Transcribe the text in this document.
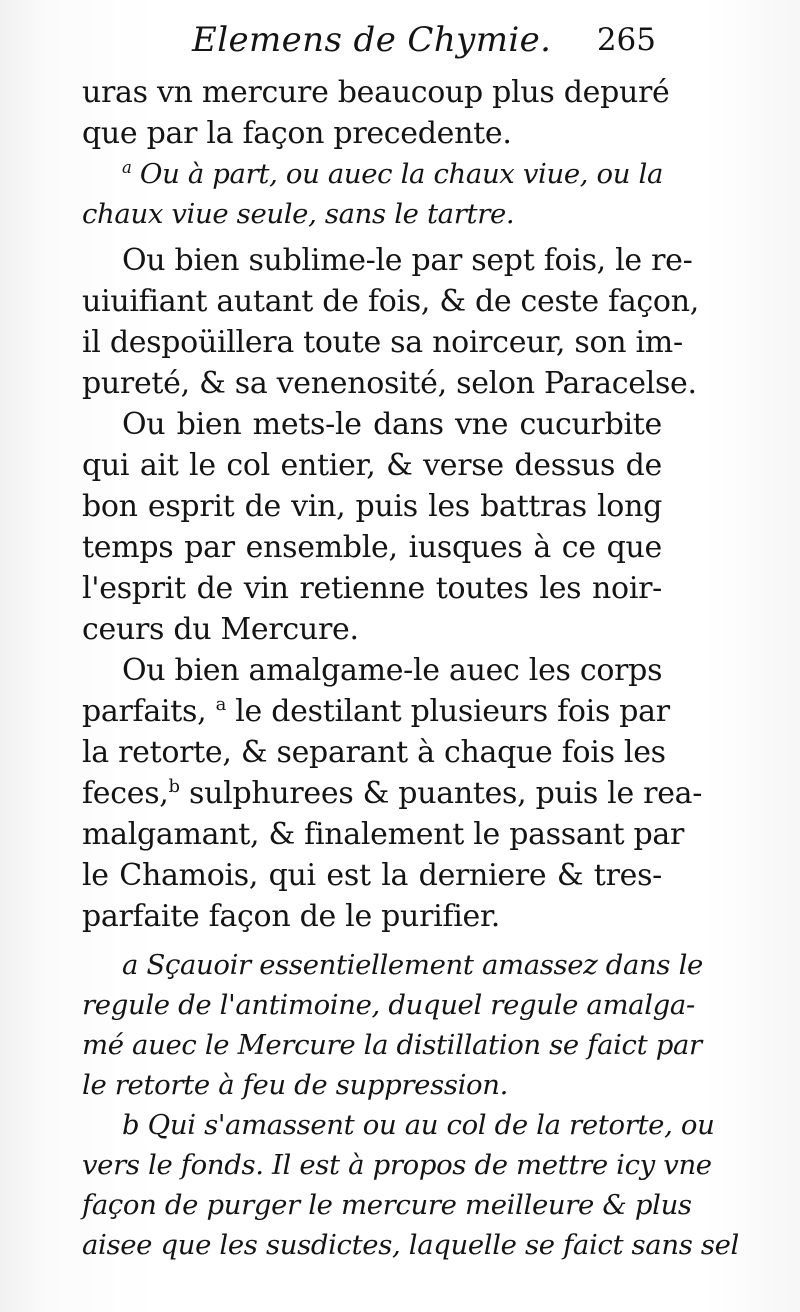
Elemens de Chymie. 265
uras vn mercure beaucoup plus depuré
que par la façon precedente.
$^a$ Ou à part, ou auec la chaux viue, ou la
chaux viue seule, sans le tartre.
Ou bien sublime-le par sept fois, le re-
uiuifiant autant de fois, & de ceste façon,
il despoüillera toute sa noirceur, son im-
pureté, & sa venenosité, selon Paracelse.
Ou bien mets-le dans vne cucurbite
qui ait le col entier, & verse dessus de
bon esprit de vin, puis les battras long
temps par ensemble, iusques à ce que
l'esprit de vin retienne toutes les noir-
ceurs du Mercure.
Ou bien amalgame-le auec les corps
parfaits, $^a$ le destilant plusieurs fois par
la retorte, & separant à chaque fois les
feces,$^b$ sulphurees & puantes, puis le rea-
malgamant, & finalement le passant par
le Chamois, qui est la derniere & tres-
parfaite façon de le purifier.
a Sçauoir essentiellement amassez dans le
regule de l'antimoine, duquel regule amalga-
mé auec le Mercure la distillation se faict par
le retorte à feu de suppression.
b Qui s'amassent ou au col de la retorte, ou
vers le fonds. Il est à propos de mettre icy vne
façon de purger le mercure meilleure & plus
aisee que les susdictes, laquelle se faict sans sel
